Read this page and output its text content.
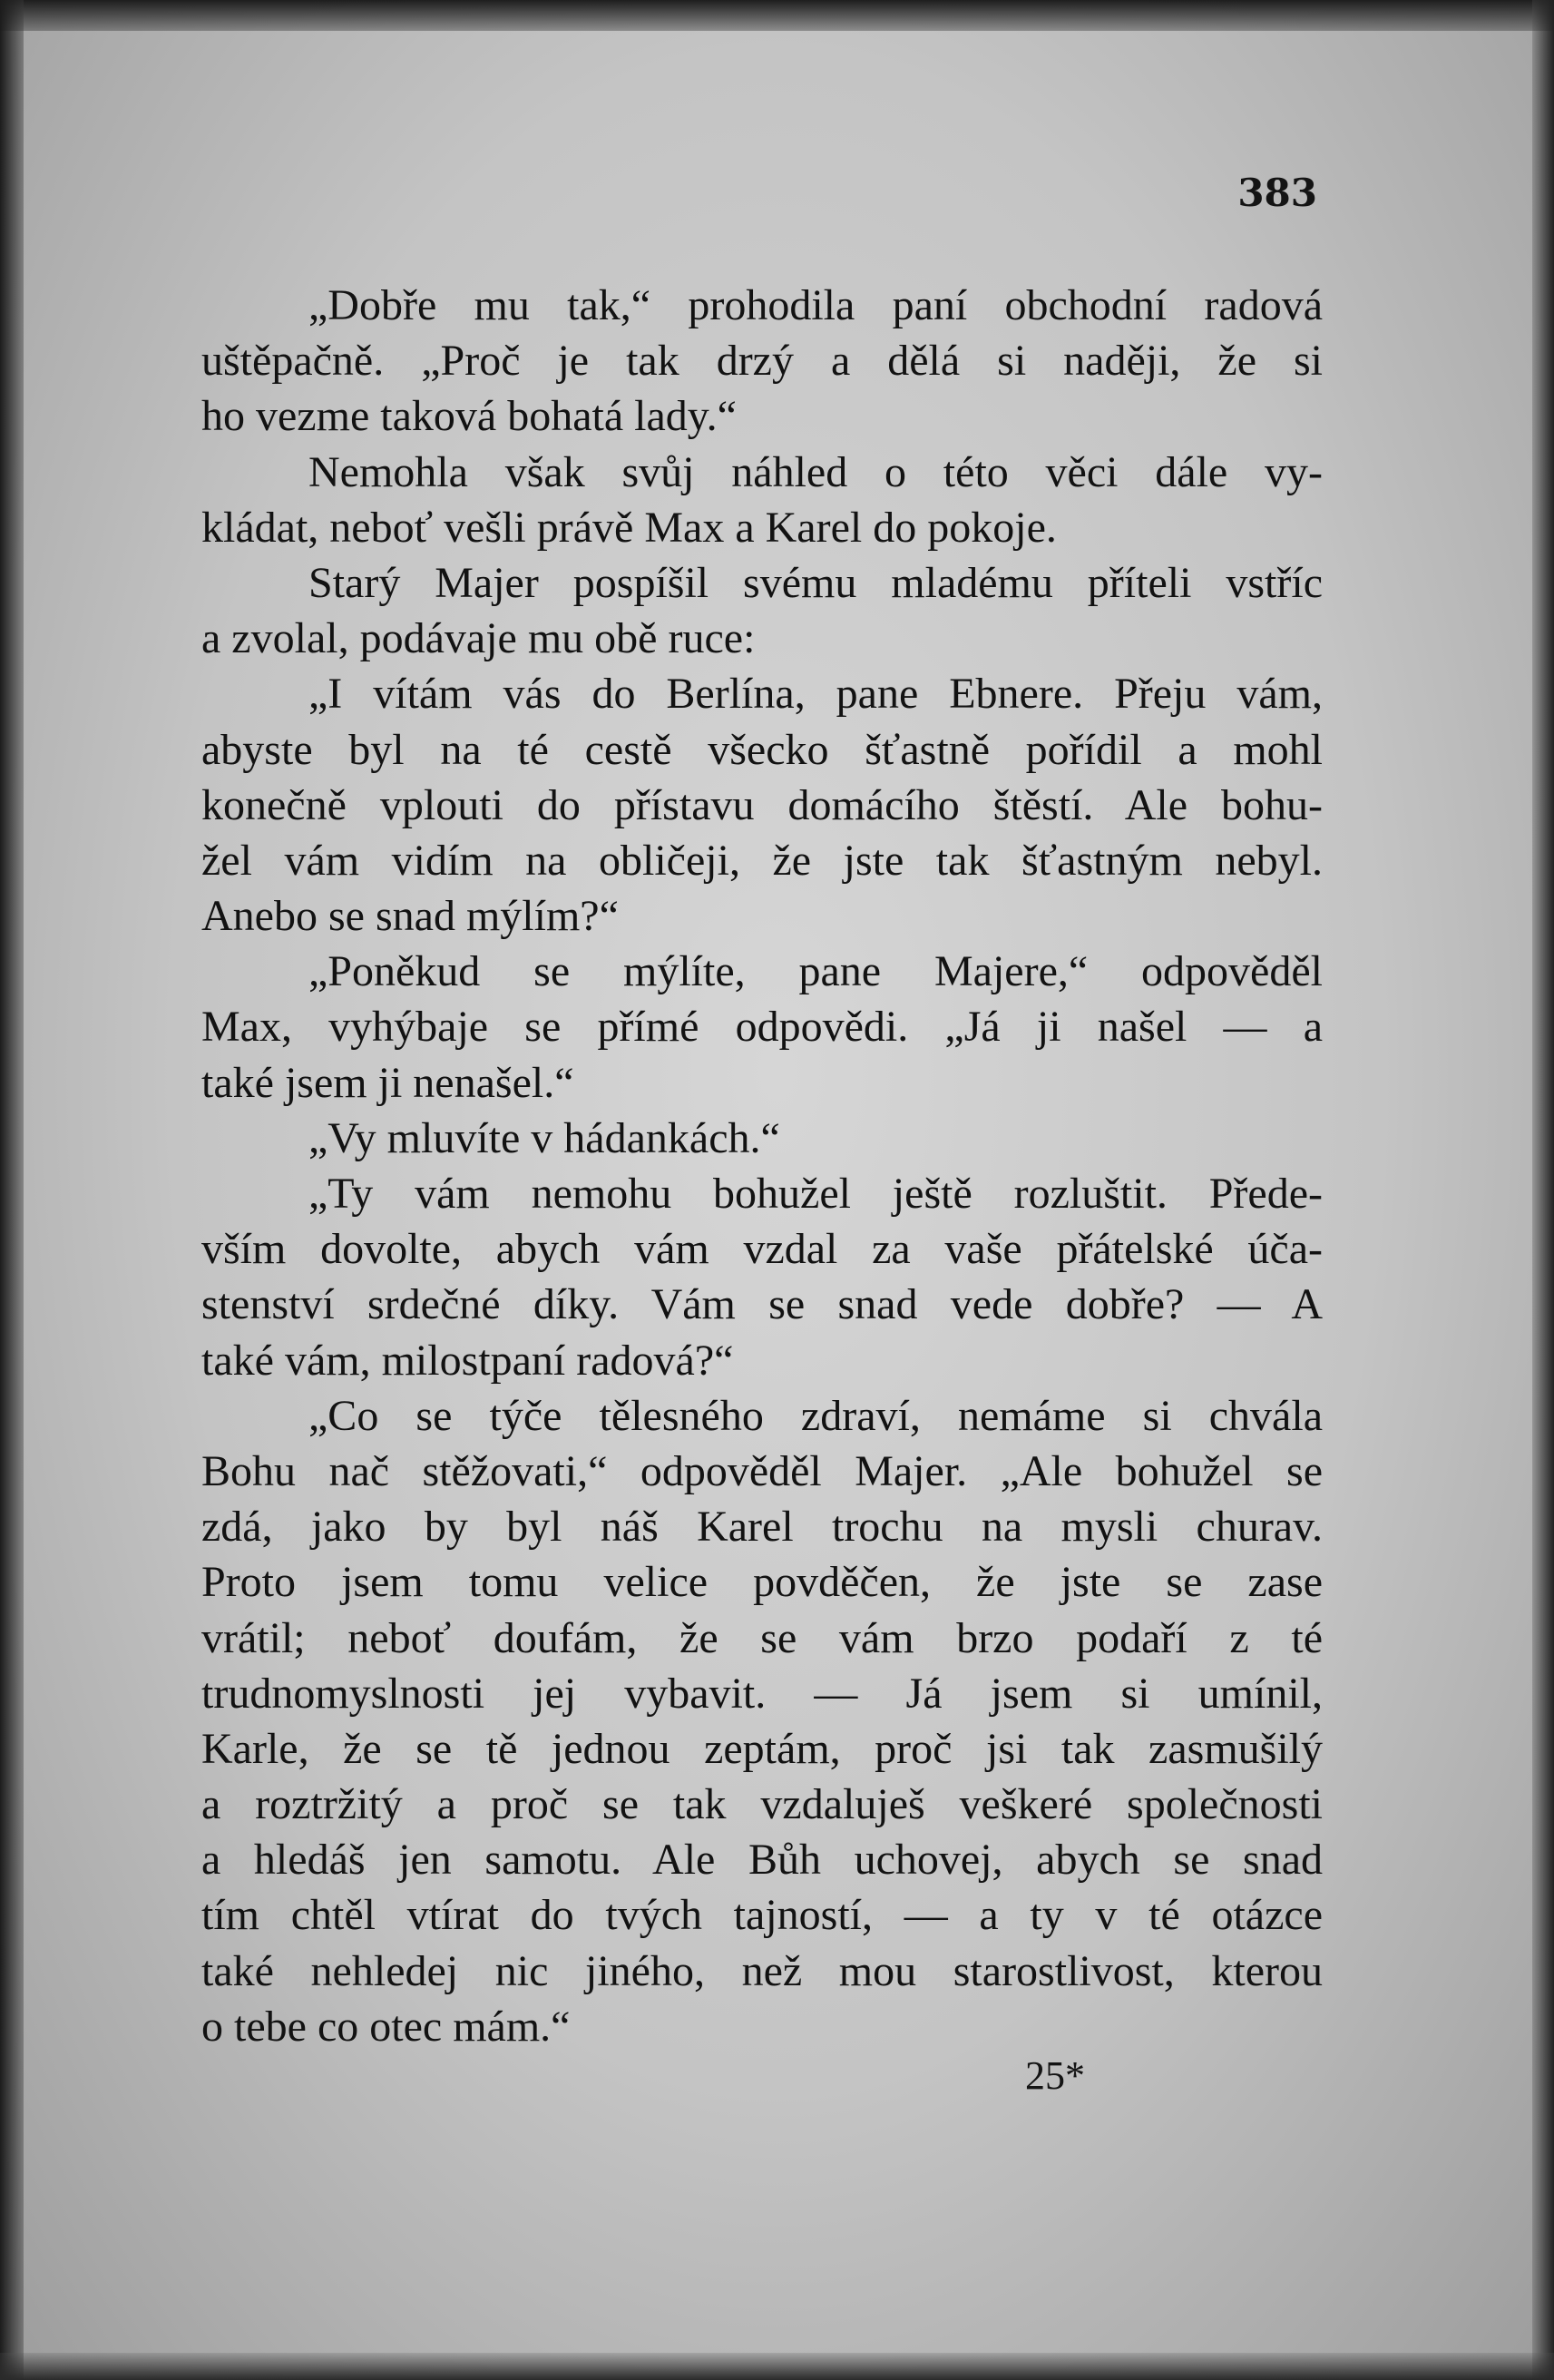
383
„Dobře mu tak,“ prohodila paní obchodní radová
uštěpačně. „Proč je tak drzý a dělá si naději, že si
ho vezme taková bohatá lady.“
Nemohla však svůj náhled o této věci dále vy-
kládat, neboť vešli právě Max a Karel do pokoje.
Starý Majer pospíšil svému mladému příteli vstříc
a zvolal, podávaje mu obě ruce:
„I vítám vás do Berlína, pane Ebnere. Přeju vám,
abyste byl na té cestě všecko šťastně pořídil a mohl
konečně vplouti do přístavu domácího štěstí. Ale bohu-
žel vám vidím na obličeji, že jste tak šťastným nebyl.
Anebo se snad mýlím?“
„Poněkud se mýlíte, pane Majere,“ odpověděl
Max, vyhýbaje se přímé odpovědi. „Já ji našel — a
také jsem ji nenašel.“
„Vy mluvíte v hádankách.“
„Ty vám nemohu bohužel ještě rozluštit. Přede-
vším dovolte, abych vám vzdal za vaše přátelské úča-
stenství srdečné díky. Vám se snad vede dobře? — A
také vám, milostpaní radová?“
„Co se týče tělesného zdraví, nemáme si chvála
Bohu nač stěžovati,“ odpověděl Majer. „Ale bohužel se
zdá, jako by byl náš Karel trochu na mysli churav.
Proto jsem tomu velice povděčen, že jste se zase
vrátil; neboť doufám, že se vám brzo podaří z té
trudnomyslnosti jej vybavit. — Já jsem si umínil,
Karle, že se tě jednou zeptám, proč jsi tak zasmušilý
a roztržitý a proč se tak vzdaluješ veškeré společnosti
a hledáš jen samotu. Ale Bůh uchovej, abych se snad
tím chtěl vtírat do tvých tajností, — a ty v té otázce
také nehledej nic jiného, než mou starostlivost, kterou
o tebe co otec mám.“
25*
